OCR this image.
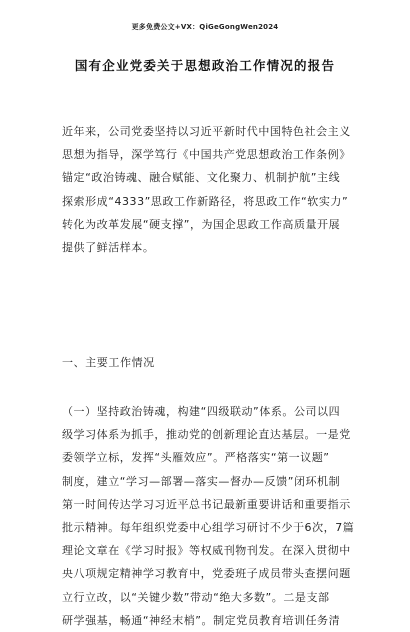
更多免费公文+VX：QiGeGongWen2024
国有企业党委关于思想政治工作情况的报告
近年来，公司党委坚持以习近平新时代中国特色社会主义
思想为指导，深学笃行《中国共产党思想政治工作条例》
锚定“政治铸魂、融合赋能、文化聚力、机制护航”主线
探索形成“4333”思政工作新路径，将思政工作“软实力”
转化为改革发展“硬支撑”，为国企思政工作高质量开展
提供了鲜活样本。
一、主要工作情况
（一）坚持政治铸魂，构建“四级联动”体系。公司以四
级学习体系为抓手，推动党的创新理论直达基层。一是党
委领学立标，发挥“头雁效应”。严格落实“第一议题”
制度，建立“学习—部署—落实—督办—反馈”闭环机制
第一时间传达学习习近平总书记最新重要讲话和重要指示
批示精神。每年组织党委中心组学习研讨不少于6次，7篇
理论文章在《学习时报》等权威刊物刊发。在深入贯彻中
央八项规定精神学习教育中，党委班子成员带头查摆问题
立行立改，以“关键少数”带动“绝大多数”。二是支部
研学强基，畅通“神经末梢”。制定党员教育培训任务清
